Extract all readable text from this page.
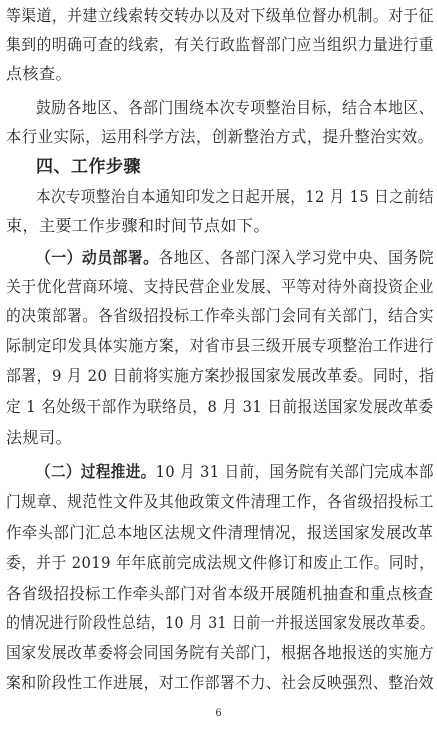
等渠道，并建立线索转交转办以及对下级单位督办机制。对于征
集到的明确可查的线索，有关行政监督部门应当组织力量进行重
点核查。
鼓励各地区、各部门围绕本次专项整治目标，结合本地区、
本行业实际，运用科学方法，创新整治方式，提升整治实效。
四、工作步骤
本次专项整治自本通知印发之日起开展，12 月 15 日之前结
束，主要工作步骤和时间节点如下。
（一）动员部署。各地区、各部门深入学习党中央、国务院
关于优化营商环境、支持民营企业发展、平等对待外商投资企业
的决策部署。各省级招投标工作牵头部门会同有关部门，结合实
际制定印发具体实施方案，对省市县三级开展专项整治工作进行
部署，9 月 20 日前将实施方案抄报国家发展改革委。同时，指
定 1 名处级干部作为联络员，8 月 31 日前报送国家发展改革委
法规司。
（二）过程推进。10 月 31 日前，国务院有关部门完成本部
门规章、规范性文件及其他政策文件清理工作，各省级招投标工
作牵头部门汇总本地区法规文件清理情况，报送国家发展改革
委，并于 2019 年年底前完成法规文件修订和废止工作。同时，
各省级招投标工作牵头部门对省本级开展随机抽查和重点核查
的情况进行阶段性总结，10 月 31 日前一并报送国家发展改革委。
国家发展改革委将会同国务院有关部门，根据各地报送的实施方
案和阶段性工作进展，对工作部署不力、社会反映强烈、整治效
6
